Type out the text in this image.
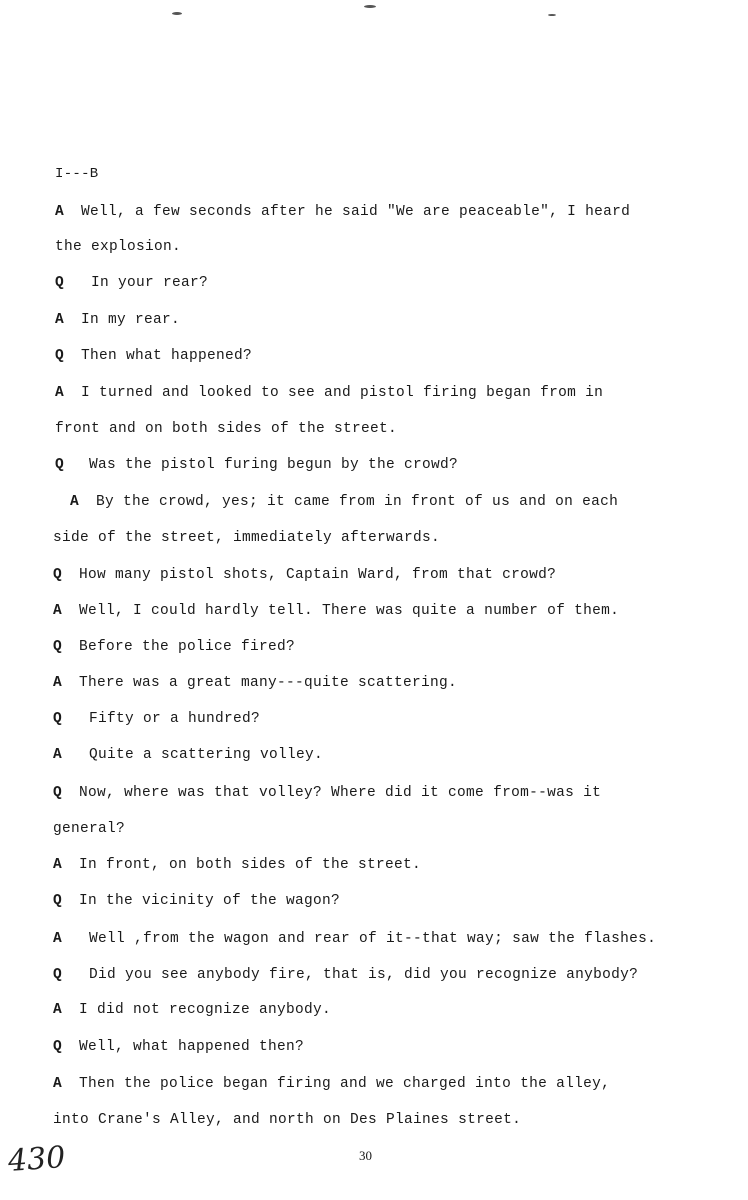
I---B
A Well, a few seconds after he said "We are peaceable", I heard
the explosion.
Q In your rear?
A In my rear.
Q Then what happened?
A I turned and looked to see and pistol firing began from in
front and on both sides of the street.
Q Was the pistol furing begun by the crowd?
A By the crowd, yes; it came from in front of us and on each
side of the street, immediately afterwards.
Q How many pistol shots, Captain Ward, from that crowd?
A Well, I could hardly tell. There was quite a number of them.
Q Before the police fired?
A There was a great many---quite scattering.
Q Fifty or a hundred?
A Quite a scattering volley.
Q Now, where was that volley? Where did it come from--was it
general?
A In front, on both sides of the street.
Q In the vicinity of the wagon?
A Well ,from the wagon and rear of it--that way; saw the flashes.
Q Did you see anybody fire, that is, did you recognize anybody?
A I did not recognize anybody.
Q Well, what happened then?
A Then the police began firing and we charged into the alley,
into Crane's Alley, and north on Des Plaines street.
30
430
